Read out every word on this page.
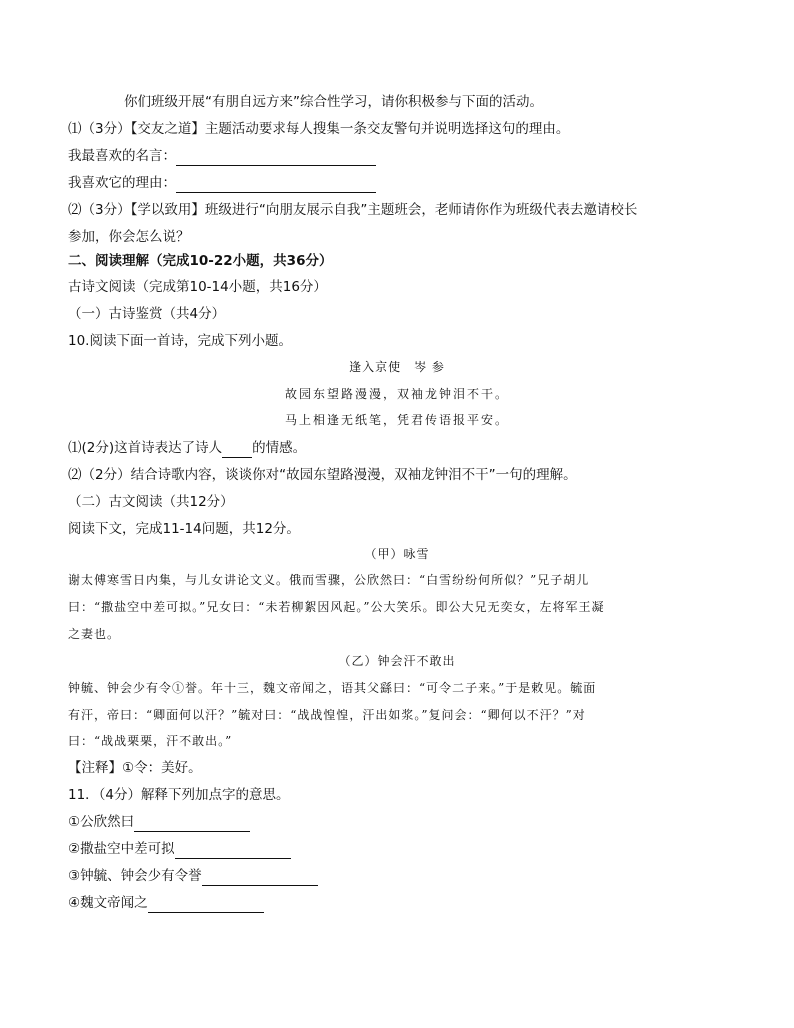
你们班级开展“有朋自远方来”综合性学习，请你积极参与下面的活动。
⑴（3分）【交友之道】主题活动要求每人搜集一条交友警句并说明选择这句的理由。
我最喜欢的名言：
我喜欢它的理由：
⑵（3分）【学以致用】班级进行“向朋友展示自我”主题班会，老师请你作为班级代表去邀请校长
参加，你会怎么说？
二、阅读理解（完成10-22小题，共36分）
古诗文阅读（完成第10-14小题，共16分）
（一）古诗鉴赏（共4分）
10.阅读下面一首诗，完成下列小题。
逢入京使　岑 参
故园东望路漫漫，双袖龙钟泪不干。
马上相逢无纸笔，凭君传语报平安。
⑴(2分)这首诗表达了诗人 的情感。
⑵（2分）结合诗歌内容，谈谈你对“故园东望路漫漫，双袖龙钟泪不干”一句的理解。
（二）古文阅读（共12分）
阅读下文，完成11-14问题，共12分。
（甲）咏雪
谢太傅寒雪日内集，与儿女讲论文义。俄而雪骤，公欣然曰：“白雪纷纷何所似？”兄子胡儿
曰：“撒盐空中差可拟。”兄女曰：“未若柳絮因风起。”公大笑乐。即公大兄无奕女，左将军王凝
之妻也。
（乙）钟会汗不敢出
钟毓、钟会少有令①誉。年十三，魏文帝闻之，语其父繇曰：“可令二子来。”于是敕见。毓面
有汗，帝曰：“卿面何以汗？”毓对曰：“战战惶惶，汗出如浆。”复问会：“卿何以不汗？”对
曰：“战战栗栗，汗不敢出。”
【注释】①令：美好。
11．（4分）解释下列加点字的意思。
①公欣然曰
②撒盐空中差可拟
③钟毓、钟会少有令誉
④魏文帝闻之
